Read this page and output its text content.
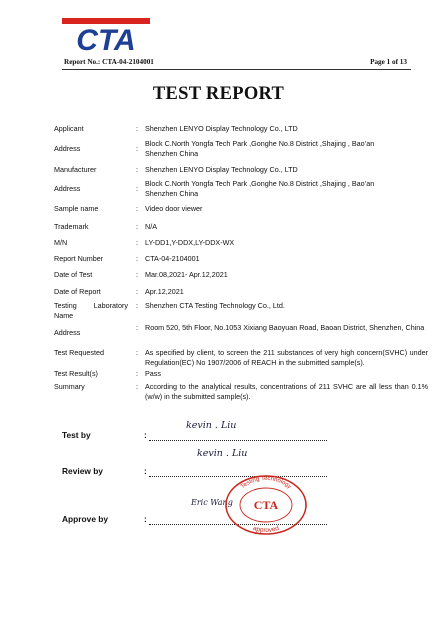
CTA
Report No.: CTA-04-2104001	Page 1 of 13
TEST REPORT
Applicant	: Shenzhen LENYO Display Technology Co., LTD
Address	:
Block C.North Yongfa Tech Park ,Gonghe No.8 District ,Shajing , Bao’an Shenzhen China
Manufacturer	: Shenzhen LENYO Display Technology Co., LTD
Address	:
Block C.North Yongfa Tech Park ,Gonghe No.8 District ,Shajing , Bao’an Shenzhen China
Sample name	: Video door viewer
Trademark	: N/A
M/N	: LY-DD1,Y-DDX,LY-DDX-WX
Report Number	: CTA-04-2104001
Date of Test	: Mar.08,2021- Apr.12,2021
Date of Report	: Apr.12,2021
Testing Laboratory Name
: Shenzhen CTA Testing Technology Co., Ltd.
Address
: Room 520, 5th Floor, No.1053 Xixiang Baoyuan Road, Baoan District, Shenzhen, China
Test Requested	: As specified by client, to screen the 211 substances of very high concern(SVHC) under Regulation(EC) No 1907/2006 of REACH in the submitted sample(s).
Test Result(s)	: Pass
Summary	: According to the analytical results, concentrations of 211 SVHC are all less than 0.1%(w/w) in the submitted sample(s).
Test by	:
kevin . Liu
Review by	:
kevin . Liu
Approve by	:
Eric Wang
Testing Technology
CTA
approved
